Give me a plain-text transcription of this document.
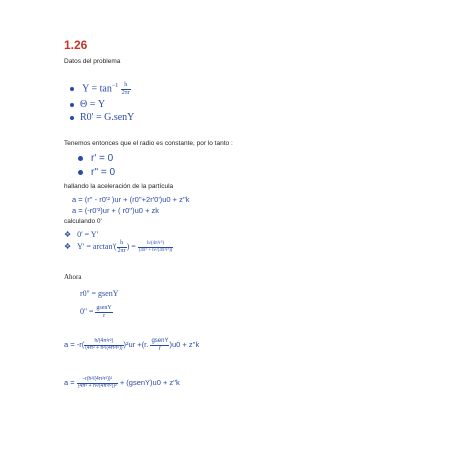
1.26
Datos del problema
$Y = \tan^{-1} \frac{h}{2\pi r}$
Θ = Y
R0' = G.senY
Tenemos entonces que el radio es constante, por lo tanto :
r' = 0
r'' = 0
hallando la aceleración de la partícula
a = (r'' - r0'² )ur + (r0''+2r'0')u0 + z''k
a = (-r0'²)ur + ( r0'')u0 + zk
calculando 0'
❖ 0' = Y'
❖ $Y' = \arctan'( \frac{h}{2\pi r}$ ) = $\frac{\text{h/(4π²r²)}}{\text{(4π² + h²/(4π²r²))}}$
Ahora
r0'' = gsenY
$0'' = \frac{\text{gsenY}}{r}$
$a = -r( \frac{\text{h/(4π²r²)}}{\text{(4π² + h²/(4π²r²))}} )^2ur +(r$. $\frac{\text{gsenY}}{r} )u0 + z''k$
$a = \frac{\text{−r(h²/(4π²r²))²}}{\text{(4π² + h²/(4π²r²))²}}$ + (gsenY)u0 + z''k
